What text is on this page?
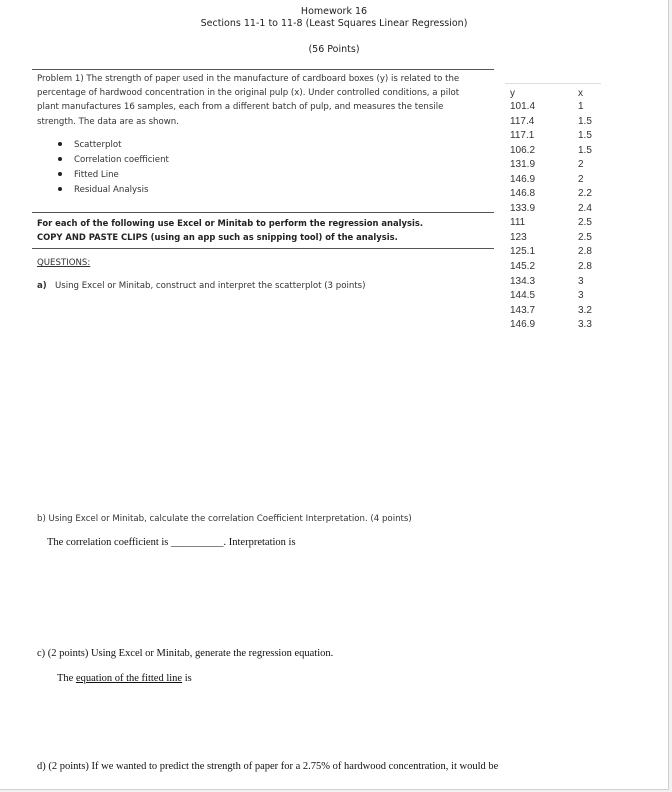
Homework 16
Sections 11-1 to 11-8 (Least Squares Linear Regression)
(56 Points)
Problem 1) The strength of paper used in the manufacture of cardboard boxes (y) is related to the percentage of hardwood concentration in the original pulp (x). Under controlled conditions, a pilot plant manufactures 16 samples, each from a different batch of pulp, and measures the tensile strength. The data are as shown.
Scatterplot
Correlation coefficient
Fitted Line
Residual Analysis
For each of the following use Excel or Minitab to perform the regression analysis.
COPY AND PASTE CLIPS (using an app such as snipping tool) of the analysis.
QUESTIONS:
a) Using Excel or Minitab, construct and interpret the scatterplot (3 points)
b) Using Excel or Minitab, calculate the correlation Coefficient Interpretation. (4 points)
The correlation coefficient is __________. Interpretation is
c) (2 points) Using Excel or Minitab, generate the regression equation.
The equation of the fitted line is
d) (2 points) If we wanted to predict the strength of paper for a 2.75% of hardwood concentration, it would be
y	x
101.4
117.4
117.1
106.2
131.9
146.9
146.8
133.9
111
123
125.1
145.2
134.3
144.5
143.7
146.9
1
1.5
1.5
1.5
2
2
2.2
2.4
2.5
2.5
2.8
2.8
3
3
3.2
3.3
